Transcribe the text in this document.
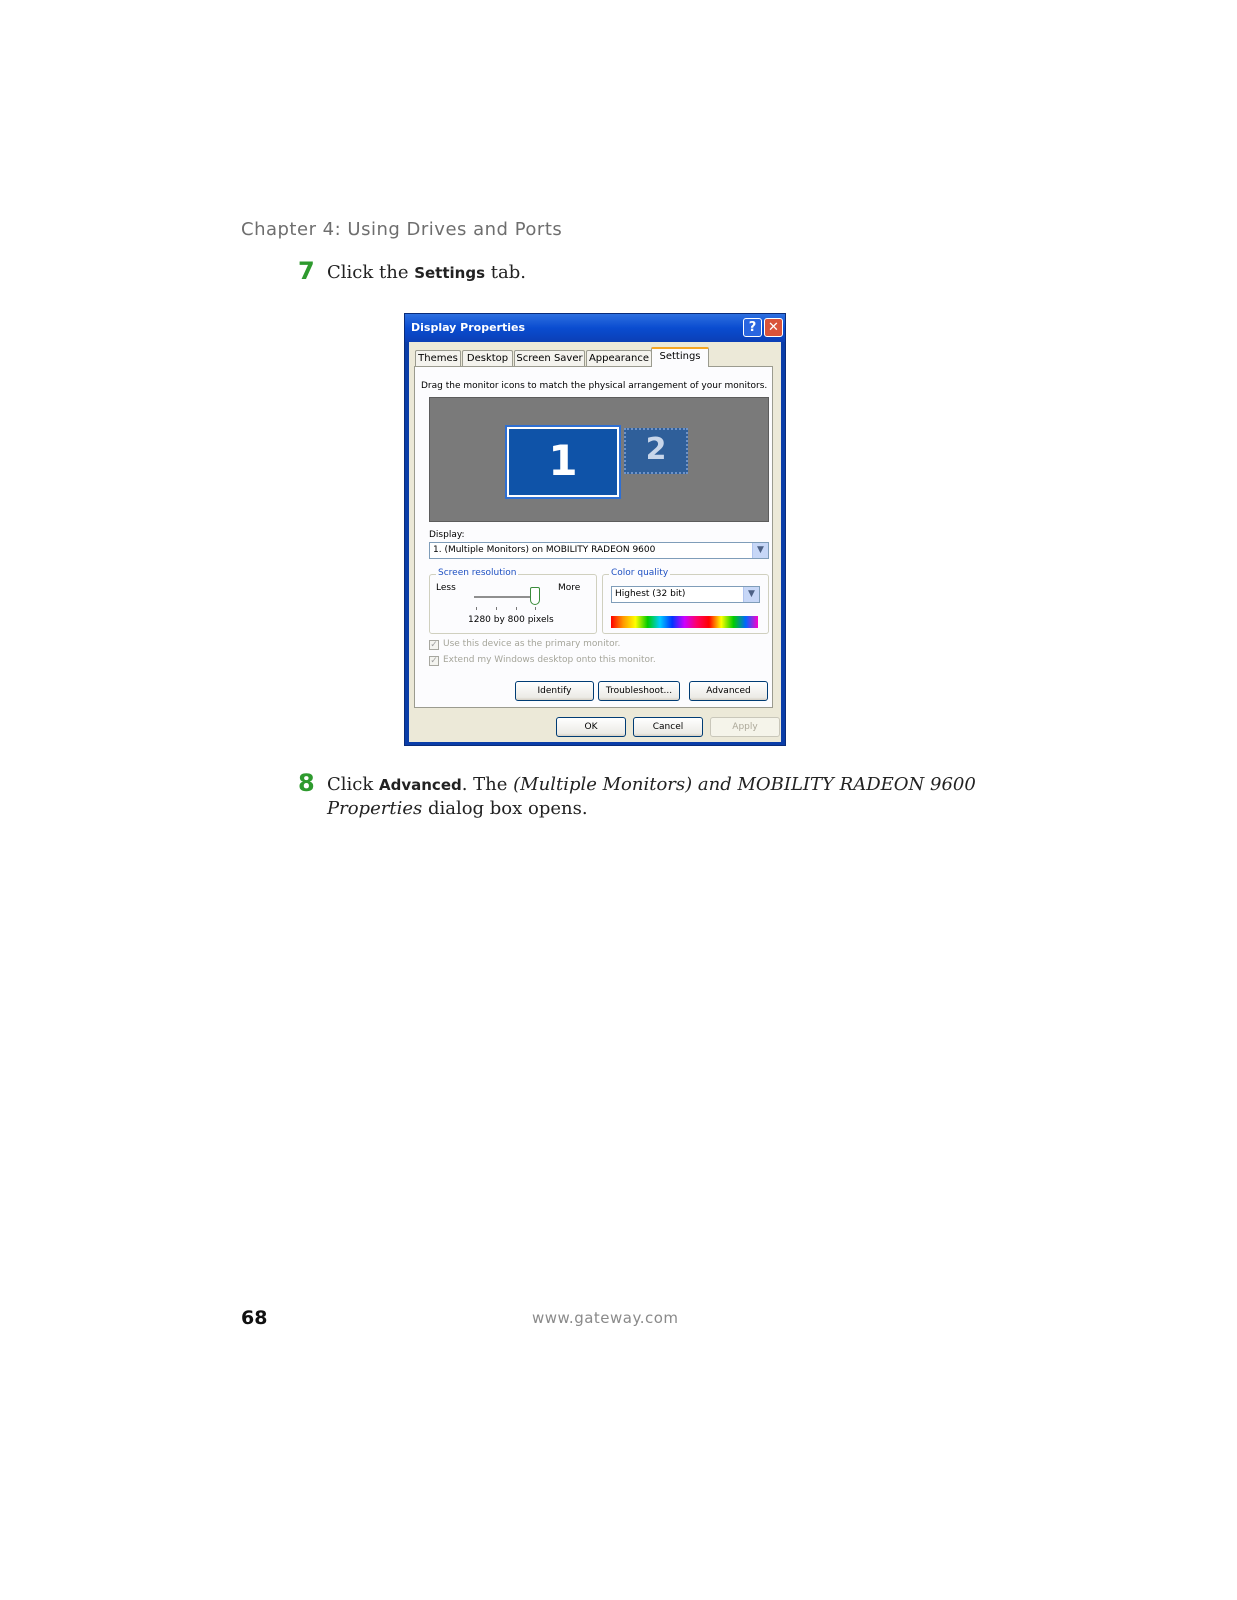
Chapter 4: Using Drives and Ports
7 Click the Settings tab.
Display Properties	? ✕
Themes Desktop Screen Saver Appearance
Drag the monitor icons to match the physical arrangement of your monitors.
1	2
Display:
1. (Multiple Monitors) on MOBILITY RADEON 9600	▼
Screen resolution
Less	More
1280 by 800 pixels
Color quality
Highest (32 bit)	▼
✓ Use this device as the primary monitor.
✓ Extend my Windows desktop onto this monitor.
Identify	Troubleshoot...	Advanced
Settings
OK	Cancel	Apply
8 Click Advanced. The (Multiple Monitors) and MOBILITY RADEON 9600
Properties dialog box opens.
68	www.gateway.com
